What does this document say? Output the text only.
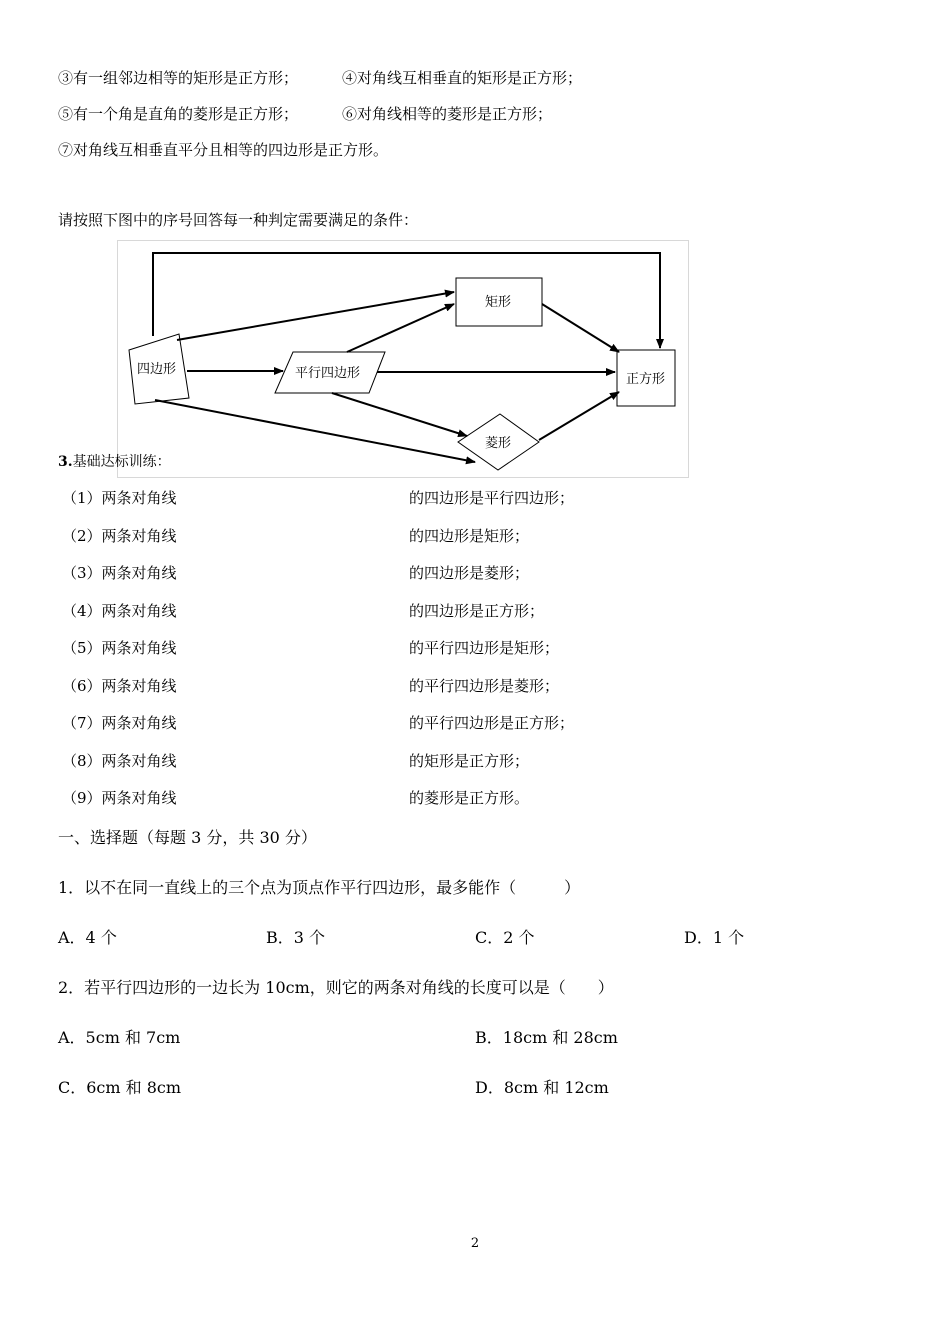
③有一组邻边相等的矩形是正方形；	④对角线互相垂直的矩形是正方形；
⑤有一个角是直角的菱形是正方形；	⑥对角线相等的菱形是正方形；
⑦对角线互相垂直平分且相等的四边形是正方形。
请按照下图中的序号回答每一种判定需要满足的条件：
四边形	平行四边形
矩形
菱形
正方形
3.基础达标训练：
（1）两条对角线	的四边形是平行四边形；
（2）两条对角线	的四边形是矩形；
（3）两条对角线	的四边形是菱形；
（4）两条对角线	的四边形是正方形；
（5）两条对角线	的平行四边形是矩形；
（6）两条对角线	的平行四边形是菱形；
（7）两条对角线	的平行四边形是正方形；
（8）两条对角线	的矩形是正方形；
（9）两条对角线	的菱形是正方形。
一、选择题（每题 3 分，共 30 分）
1．以不在同一直线上的三个点为顶点作平行四边形，最多能作（　　　）
A．4 个	B．3 个	C．2 个	D．1 个
2．若平行四边形的一边长为 10cm，则它的两条对角线的长度可以是（　　）
A．5cm 和 7cm	B．18cm 和 28cm
C．6cm 和 8cm	D．8cm 和 12cm
2
